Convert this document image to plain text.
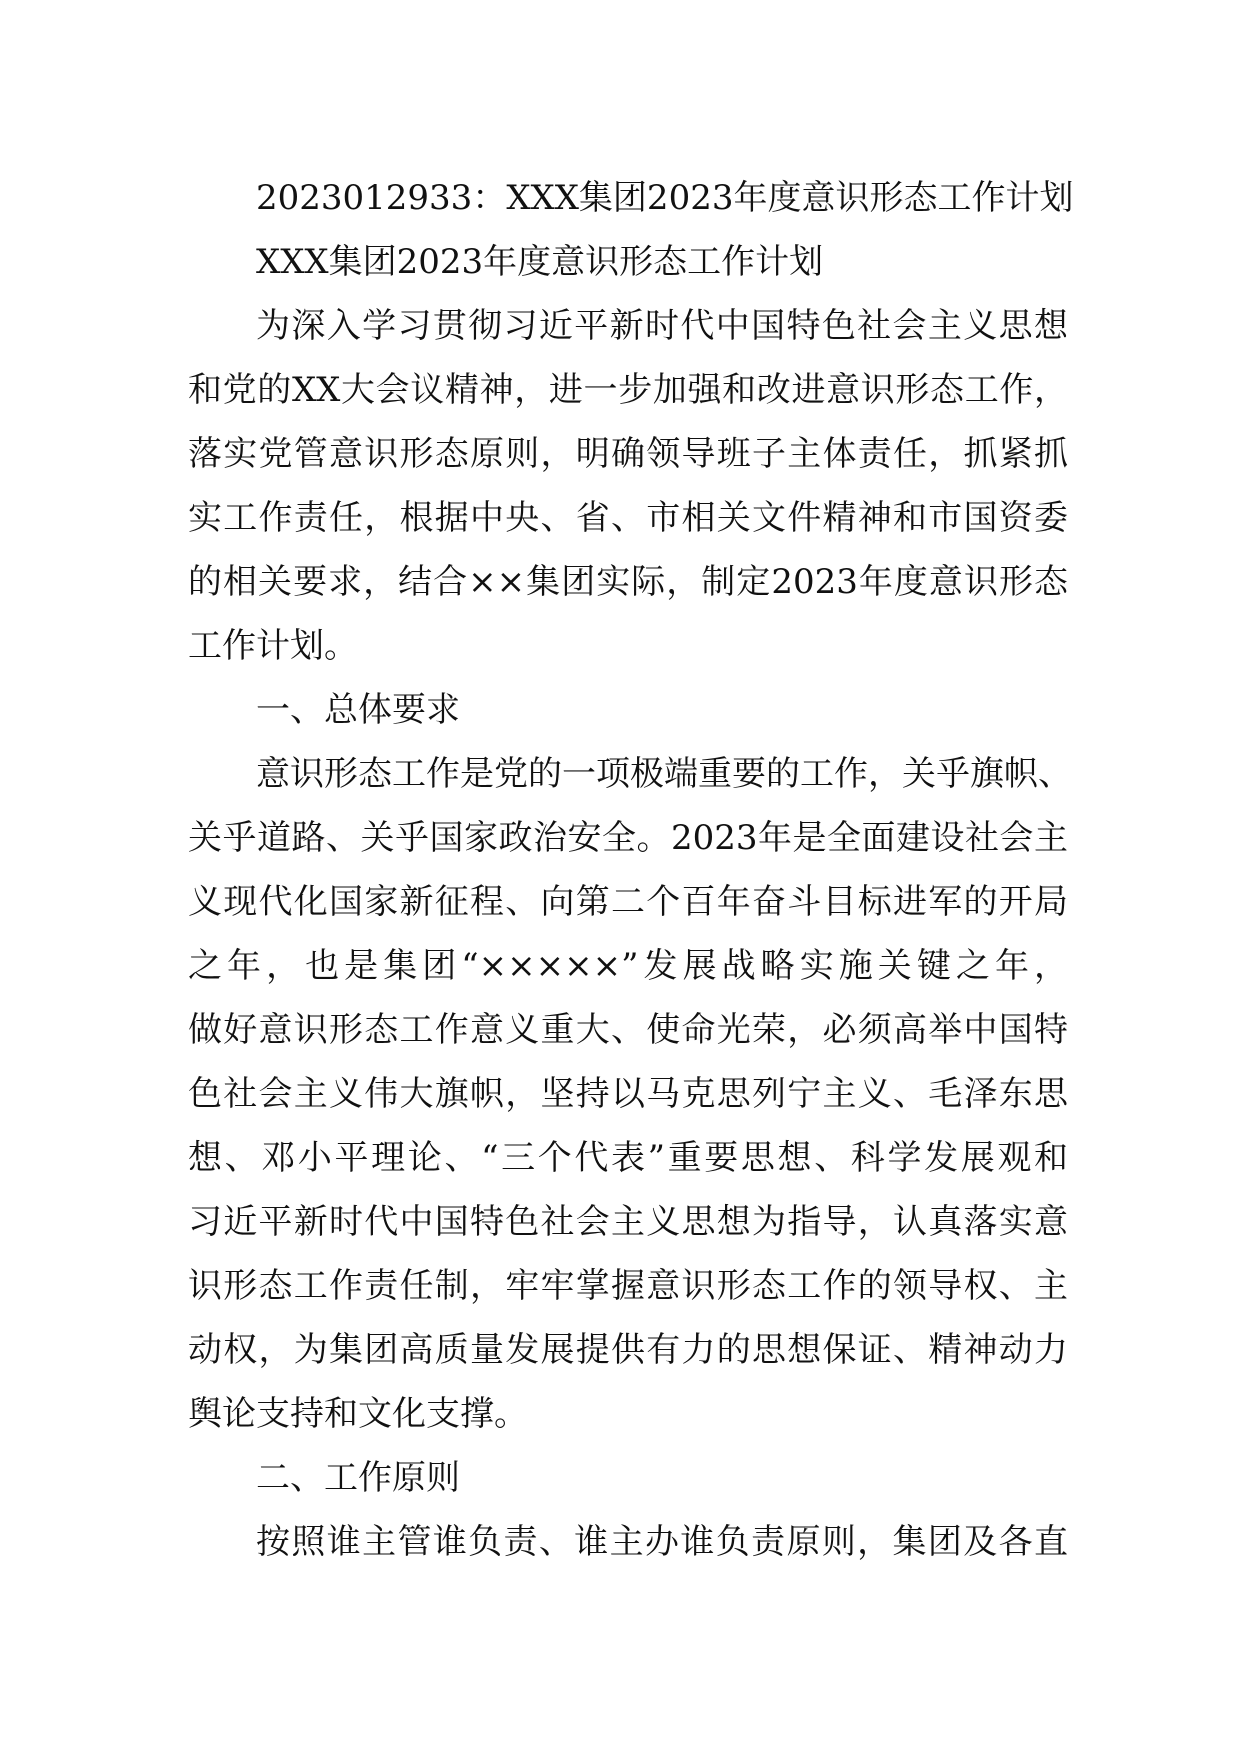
2023012933：XXX集团2023年度意识形态工作计划
XXX集团2023年度意识形态工作计划
为深入学习贯彻习近平新时代中国特色社会主义思想
和党的XX大会议精神，进一步加强和改进意识形态工作，
落实党管意识形态原则，明确领导班子主体责任，抓紧抓
实工作责任，根据中央、省、市相关文件精神和市国资委
的相关要求，结合××集团实际，制定2023年度意识形态
工作计划。
一、总体要求
意识形态工作是党的一项极端重要的工作，关乎旗帜、
关乎道路、关乎国家政治安全。2023年是全面建设社会主
义现代化国家新征程、向第二个百年奋斗目标进军的开局
之年，也是集团“×××××”发展战略实施关键之年，
做好意识形态工作意义重大、使命光荣，必须高举中国特
色社会主义伟大旗帜，坚持以马克思列宁主义、毛泽东思
想、邓小平理论、“三个代表”重要思想、科学发展观和
习近平新时代中国特色社会主义思想为指导，认真落实意
识形态工作责任制，牢牢掌握意识形态工作的领导权、主
动权，为集团高质量发展提供有力的思想保证、精神动力
舆论支持和文化支撑。
二、工作原则
按照谁主管谁负责、谁主办谁负责原则，集团及各直
